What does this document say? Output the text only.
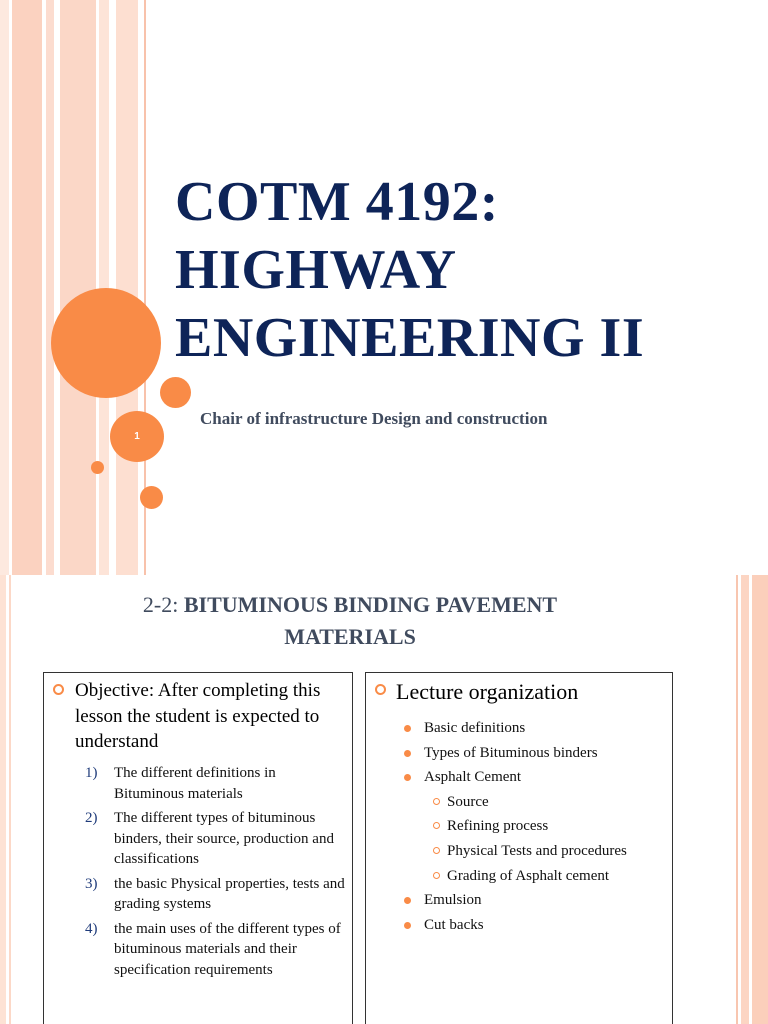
1
COTM 4192:
HIGHWAY
ENGINEERING II

Chair of infrastructure Design and construction

2-2: BITUMINOUS BINDING PAVEMENT
MATERIALS
Objective: After completing this lesson the student is expected to understand
1) The different definitions in Bituminous materials
2) The different types of bituminous binders, their source, production and classifications
3) the basic Physical properties, tests and grading systems
4) the main uses of the different types of bituminous materials and their specification requirements
Lecture organization
Basic definitions
Types of Bituminous binders
Asphalt Cement
Source
Refining process
Physical Tests and procedures
Grading of Asphalt cement
Emulsion
Cut backs
